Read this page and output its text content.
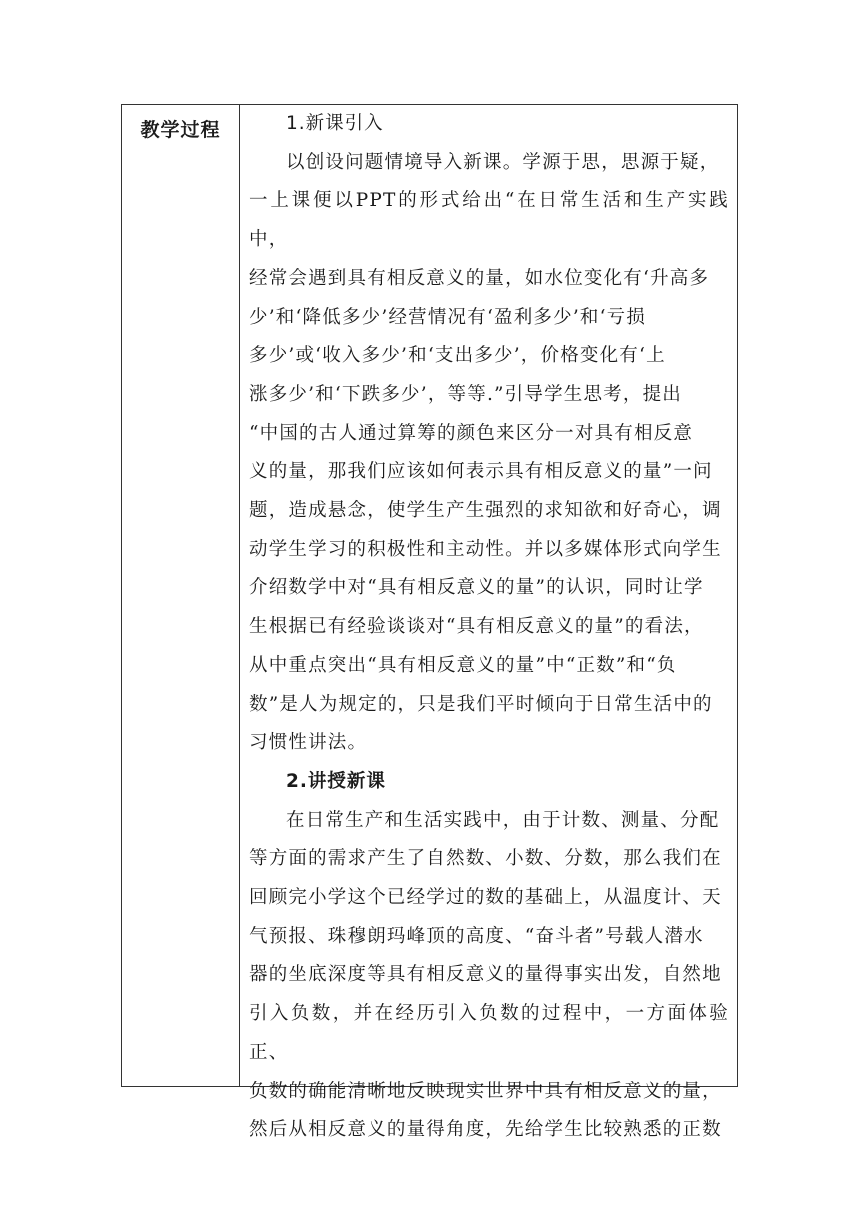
教学过程	1.新课引入

以创设问题情境导入新课。学源于思，思源于疑，
一上课便以PPT的形式给出“在日常生活和生产实践中，
经常会遇到具有相反意义的量，如水位变化有‘升高多
少’和‘降低多少’经营情况有‘盈利多少’和‘亏损
多少’或‘收入多少’和‘支出多少’，价格变化有‘上
涨多少’和‘下跌多少’，等等.”引导学生思考，提出
“中国的古人通过算筹的颜色来区分一对具有相反意
义的量，那我们应该如何表示具有相反意义的量”一问
题，造成悬念，使学生产生强烈的求知欲和好奇心，调
动学生学习的积极性和主动性。并以多媒体形式向学生
介绍数学中对“具有相反意义的量”的认识，同时让学
生根据已有经验谈谈对“具有相反意义的量”的看法，
从中重点突出“具有相反意义的量”中“正数”和“负
数”是人为规定的，只是我们平时倾向于日常生活中的
习惯性讲法。

2.讲授新课

在日常生产和生活实践中，由于计数、测量、分配
等方面的需求产生了自然数、小数、分数，那么我们在
回顾完小学这个已经学过的数的基础上，从温度计、天
气预报、珠穆朗玛峰顶的高度、“奋斗者”号载人潜水
器的坐底深度等具有相反意义的量得事实出发，自然地
引入负数，并在经历引入负数的过程中，一方面体验正、
负数的确能清晰地反映现实世界中具有相反意义的量，
然后从相反意义的量得角度，先给学生比较熟悉的正数
